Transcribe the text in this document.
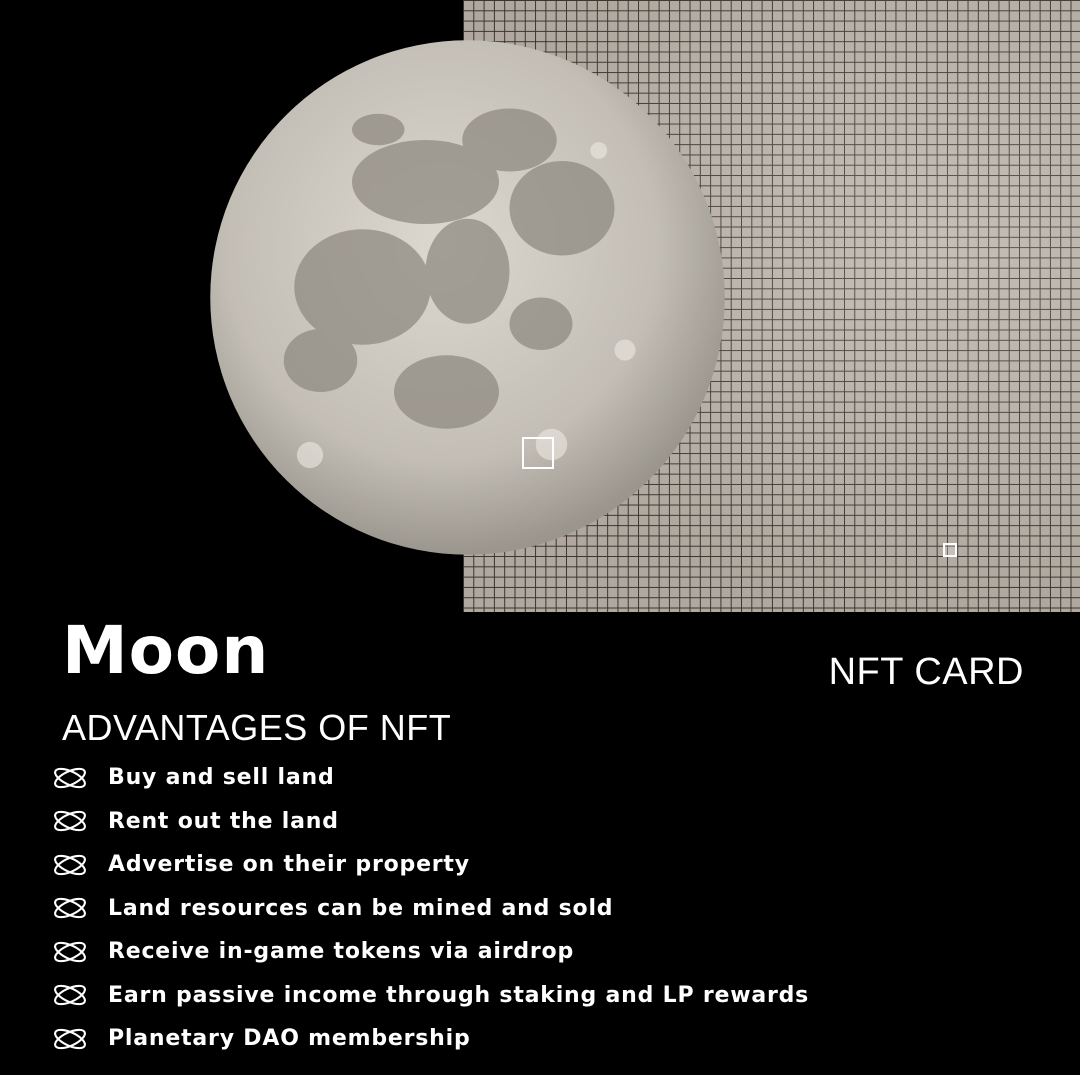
Moon	NFT CARD
ADVANTAGES OF NFT
Buy and sell land
Rent out the land
Advertise on their property
Land resources can be mined and sold
Receive in-game tokens via airdrop
Earn passive income through staking and LP rewards
Planetary DAO membership
